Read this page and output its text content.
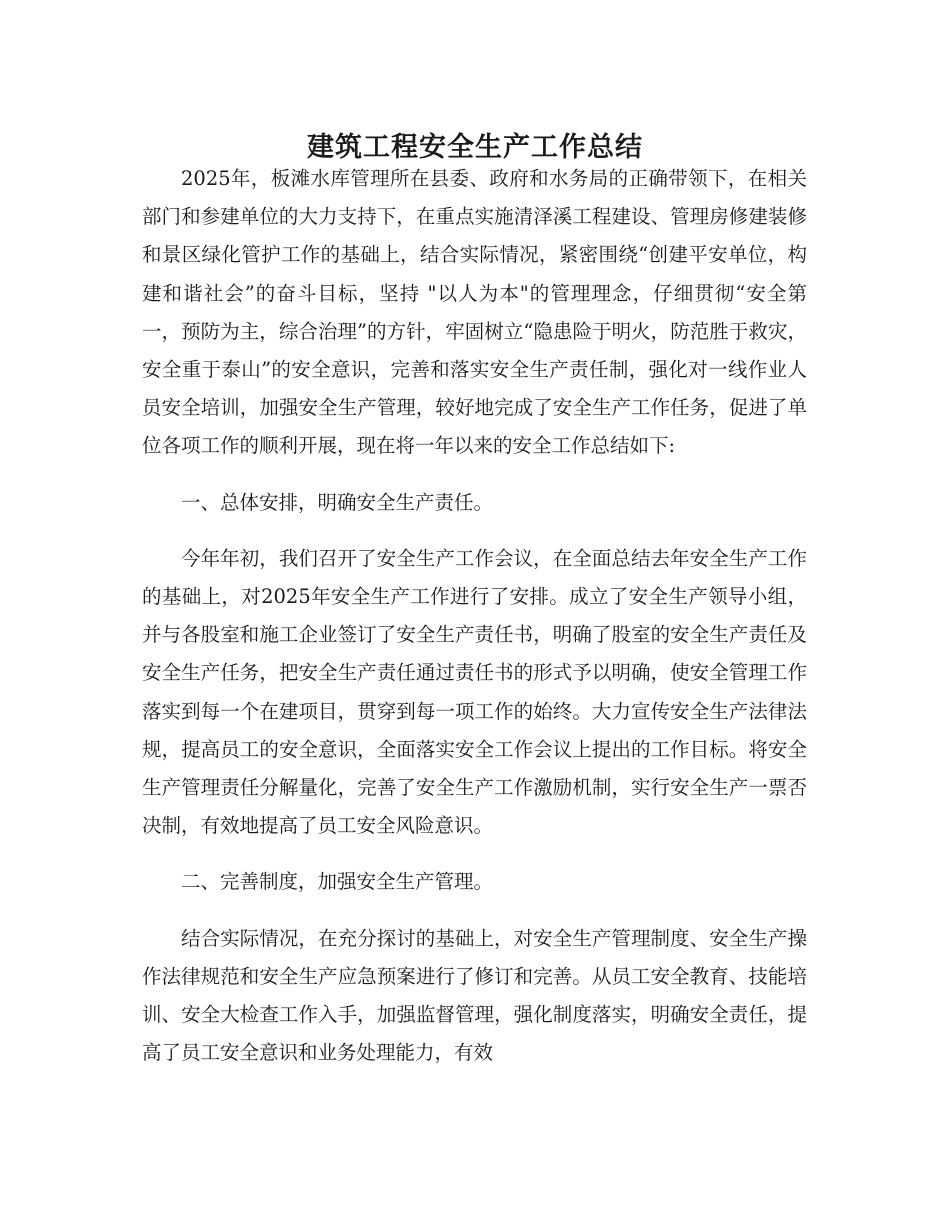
建筑工程安全生产工作总结

2025年，板滩水库管理所在县委、政府和水务局的正确带领下，在相关部门和参建单位的大力支持下，在重点实施清泽溪工程建设、管理房修建装修和景区绿化管护工作的基础上，结合实际情况，紧密围绕“创建平安单位，构建和谐社会”的奋斗目标，坚持 "以人为本"的管理理念，仔细贯彻“安全第一，预防为主，综合治理”的方针，牢固树立“隐患险于明火，防范胜于救灾，安全重于泰山”的安全意识，完善和落实安全生产责任制，强化对一线作业人员安全培训，加强安全生产管理，较好地完成了安全生产工作任务，促进了单位各项工作的顺利开展，现在将一年以来的安全工作总结如下:

一、总体安排，明确安全生产责任。

今年年初，我们召开了安全生产工作会议，在全面总结去年安全生产工作的基础上，对2025年安全生产工作进行了安排。成立了安全生产领导小组，并与各股室和施工企业签订了安全生产责任书，明确了股室的安全生产责任及安全生产任务，把安全生产责任通过责任书的形式予以明确，使安全管理工作落实到每一个在建项目，贯穿到每一项工作的始终。大力宣传安全生产法律法规，提高员工的安全意识，全面落实安全工作会议上提出的工作目标。将安全生产管理责任分解量化，完善了安全生产工作激励机制，实行安全生产一票否决制，有效地提高了员工安全风险意识。

二、完善制度，加强安全生产管理。

结合实际情况，在充分探讨的基础上，对安全生产管理制度、安全生产操作法律规范和安全生产应急预案进行了修订和完善。从员工安全教育、技能培训、安全大检查工作入手，加强监督管理，强化制度落实，明确安全责任，提高了员工安全意识和业务处理能力，有效
